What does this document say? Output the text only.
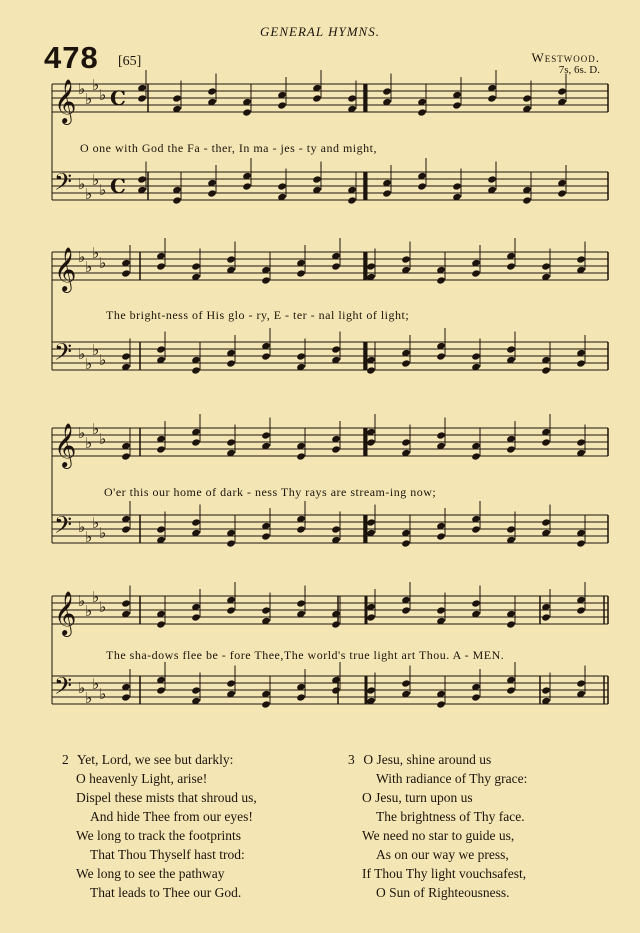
GENERAL HYMNS.
478 [65]	Westwood.
7s, 6s. D.
𝄞 ♭
♭
♭
♭ C
𝄢 ♭
♭
♭
♭ C
𝄞 ♭
♭
♭
♭
𝄢 ♭
♭
♭
♭
𝄞 ♭
♭
♭
♭
𝄢 ♭
♭
♭
♭
𝄞 ♭
♭
♭
♭
𝄢 ♭
♭
♭
♭
O one with God the Fa - ther, In ma - jes - ty and might,
The bright-ness of His glo - ry, E - ter - nal light of light;
O'er this our home of dark - ness Thy rays are stream-ing now;
The sha-dows flee be - fore Thee,The world's true light art Thou. A - MEN.
2 Yet, Lord, we see but darkly:
O heavenly Light, arise!
Dispel these mists that shroud us,
And hide Thee from our eyes!
We long to track the footprints
That Thou Thyself hast trod:
We long to see the pathway
That leads to Thee our God.
3 O Jesu, shine around us
With radiance of Thy grace:
O Jesu, turn upon us
The brightness of Thy face.
We need no star to guide us,
As on our way we press,
If Thou Thy light vouchsafest,
O Sun of Righteousness.
